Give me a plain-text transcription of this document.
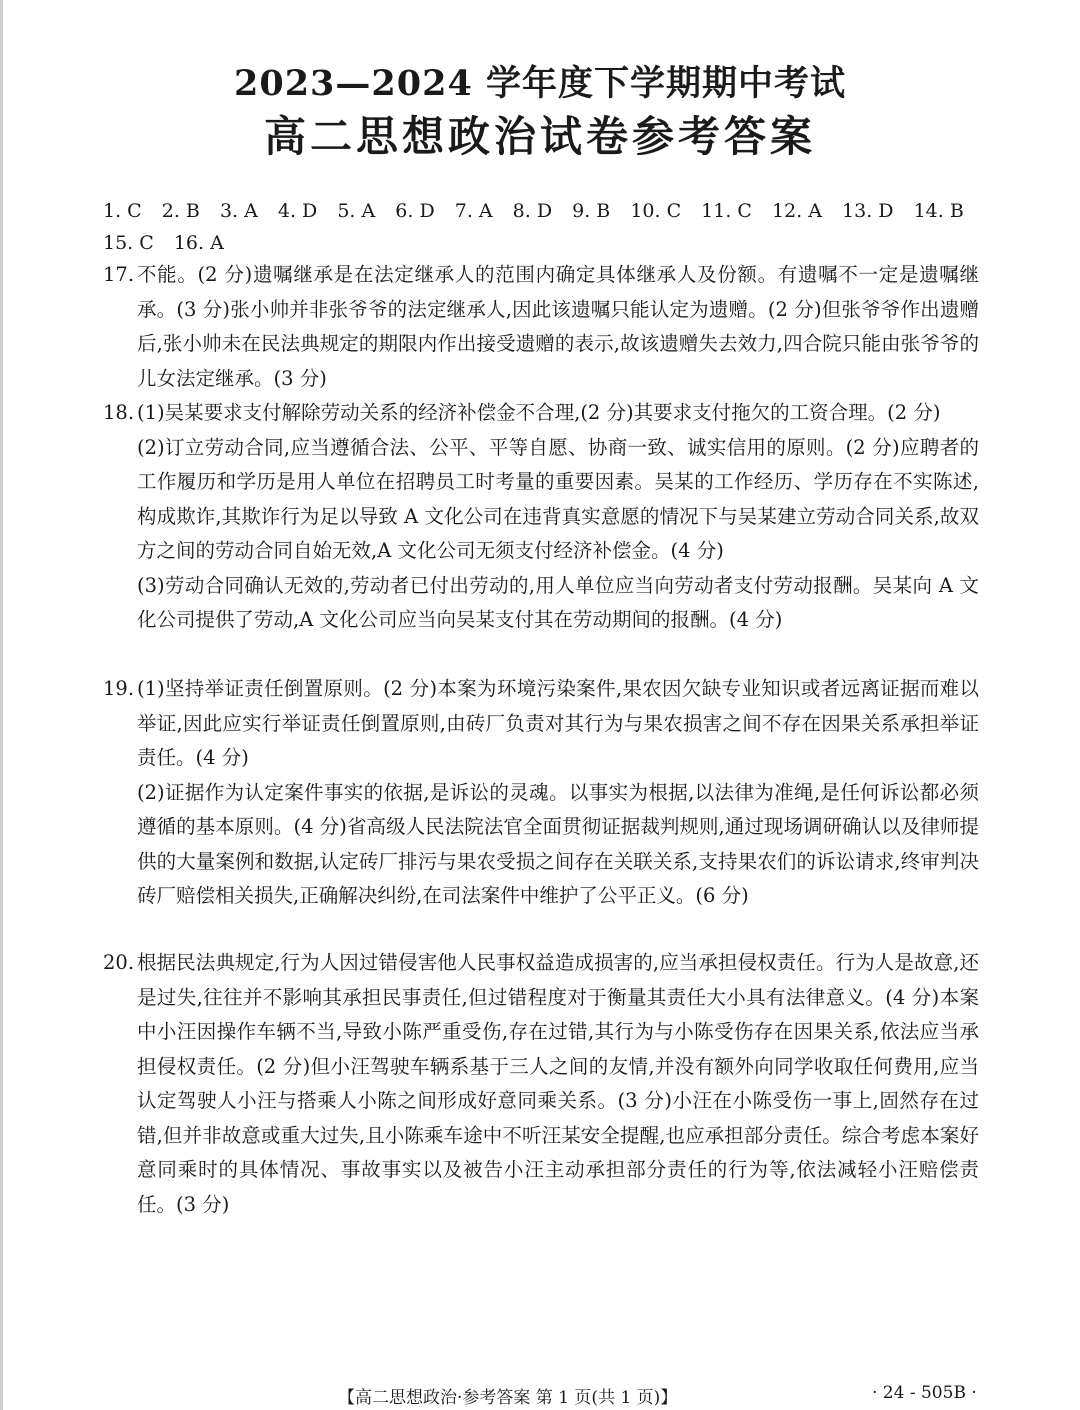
2023—2024 学年度下学期期中考试
高二思想政治试卷参考答案
1. C 2. B 3. A 4. D 5. A 6. D 7. A 8. D 9. B 10. C 11. C 12. A 13. D 14. B
15. C 16. A
17. 不能。(2 分)遗嘱继承是在法定继承人的范围内确定具体继承人及份额。有遗嘱不一定是遗嘱继承。(3 分)张小帅并非张爷爷的法定继承人,因此该遗嘱只能认定为遗赠。(2 分)但张爷爷作出遗赠后,张小帅未在民法典规定的期限内作出接受遗赠的表示,故该遗赠失去效力,四合院只能由张爷爷的儿女法定继承。(3 分)

18. (1)吴某要求支付解除劳动关系的经济补偿金不合理,(2 分)其要求支付拖欠的工资合理。(2 分)

(2)订立劳动合同,应当遵循合法、公平、平等自愿、协商一致、诚实信用的原则。(2 分)应聘者的工作履历和学历是用人单位在招聘员工时考量的重要因素。吴某的工作经历、学历存在不实陈述,构成欺诈,其欺诈行为足以导致 A 文化公司在违背真实意愿的情况下与吴某建立劳动合同关系,故双方之间的劳动合同自始无效,A 文化公司无须支付经济补偿金。(4 分)

(3)劳动合同确认无效的,劳动者已付出劳动的,用人单位应当向劳动者支付劳动报酬。吴某向 A 文化公司提供了劳动,A 文化公司应当向吴某支付其在劳动期间的报酬。(4 分)

19. (1)坚持举证责任倒置原则。(2 分)本案为环境污染案件,果农因欠缺专业知识或者远离证据而难以举证,因此应实行举证责任倒置原则,由砖厂负责对其行为与果农损害之间不存在因果关系承担举证责任。(4 分)

(2)证据作为认定案件事实的依据,是诉讼的灵魂。以事实为根据,以法律为准绳,是任何诉讼都必须遵循的基本原则。(4 分)省高级人民法院法官全面贯彻证据裁判规则,通过现场调研确认以及律师提供的大量案例和数据,认定砖厂排污与果农受损之间存在关联关系,支持果农们的诉讼请求,终审判决砖厂赔偿相关损失,正确解决纠纷,在司法案件中维护了公平正义。(6 分)

20. 根据民法典规定,行为人因过错侵害他人民事权益造成损害的,应当承担侵权责任。行为人是故意,还是过失,往往并不影响其承担民事责任,但过错程度对于衡量其责任大小具有法律意义。(4 分)本案中小汪因操作车辆不当,导致小陈严重受伤,存在过错,其行为与小陈受伤存在因果关系,依法应当承担侵权责任。(2 分)但小汪驾驶车辆系基于三人之间的友情,并没有额外向同学收取任何费用,应当认定驾驶人小汪与搭乘人小陈之间形成好意同乘关系。(3 分)小汪在小陈受伤一事上,固然存在过错,但并非故意或重大过失,且小陈乘车途中不听汪某安全提醒,也应承担部分责任。综合考虑本案好意同乘时的具体情况、事故事实以及被告小汪主动承担部分责任的行为等,依法减轻小汪赔偿责任。(3 分)

【高二思想政治·参考答案 第 1 页(共 1 页)】	· 24 - 505B ·
